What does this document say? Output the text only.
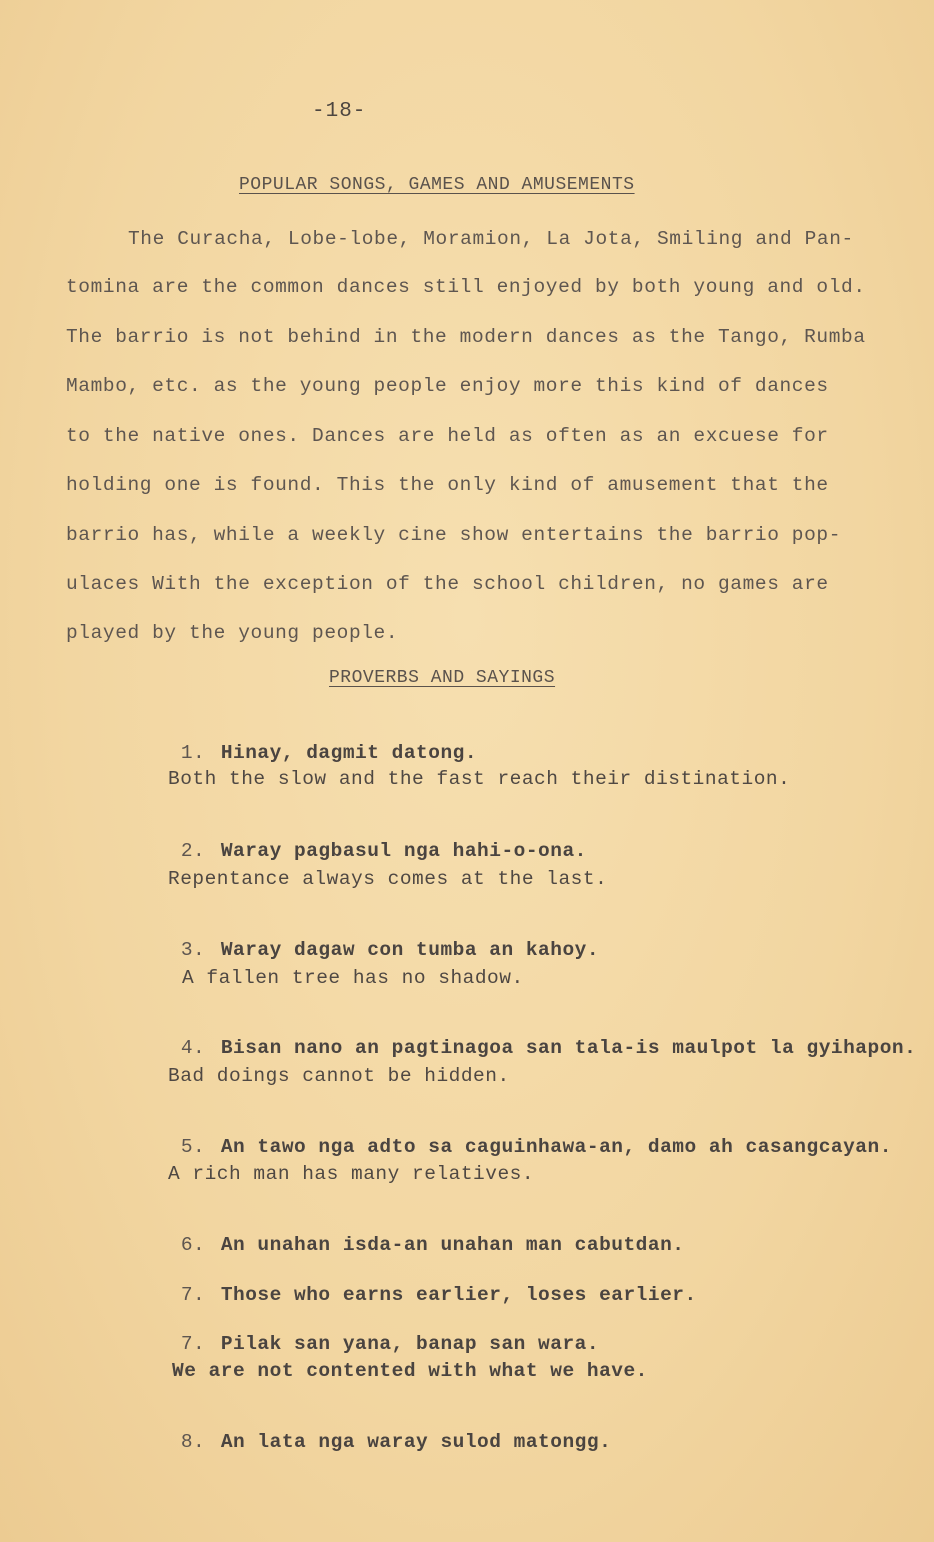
-18-
POPULAR SONGS, GAMES AND AMUSEMENTS
The Curacha, Lobe-lobe, Moramion, La Jota, Smiling and Pan-
tomina are the common dances still enjoyed by both young and old.
The barrio is not behind in the modern dances as the Tango, Rumba
Mambo, etc. as the young people enjoy more this kind of dances
to the native ones. Dances are held as often as an excuese for
holding one is found. This the only kind of amusement that the
barrio has, while a weekly cine show entertains the barrio pop-
ulaces With the exception of the school children, no games are
played by the young people.
PROVERBS AND SAYINGS

1. Hinay, dagmit datong.

Both the slow and the fast reach their distination.

2. Waray pagbasul nga hahi-o-ona.

Repentance always comes at the last.

3. Waray dagaw con tumba an kahoy.

A fallen tree has no shadow.

4. Bisan nano an pagtinagoa san tala-is maulpot la gyihapon.

Bad doings cannot be hidden.

5. An tawo nga adto sa caguinhawa-an, damo ah casangcayan.

A rich man has many relatives.

6. An unahan isda-an unahan man cabutdan.

7. Those who earns earlier, loses earlier.

7. Pilak san yana, banap san wara.

We are not contented with what we have.

8. An lata nga waray sulod matongg.
